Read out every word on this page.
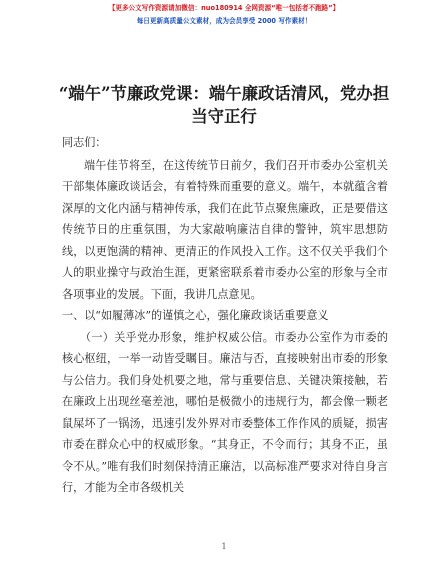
【更多公文写作资源请加微信：nuo180914 全网资源“唯一包括者不跑路”】
每日更新高质量公文素材，成为会员享受 2000 写作素材！
“端午”节廉政党课：端午廉政话清风，党办担当守正行

同志们：

端午佳节将至，在这传统节日前夕，我们召开市委办公室机关干部集体廉政谈话会，有着特殊而重要的意义。端午，本就蕴含着深厚的文化内涵与精神传承，我们在此节点聚焦廉政，正是要借这传统节日的庄重氛围，为大家敲响廉洁自律的警钟，筑牢思想防线，以更饱满的精神、更清正的作风投入工作。这不仅关乎我们个人的职业操守与政治生涯，更紧密联系着市委办公室的形象与全市各项事业的发展。下面，我讲几点意见。

一、以“如履薄冰”的谨慎之心，强化廉政谈话重要意义

（一）关乎党办形象，维护权威公信。市委办公室作为市委的核心枢纽，一举一动皆受瞩目。廉洁与否，直接映射出市委的形象与公信力。我们身处机要之地，常与重要信息、关键决策接触，若在廉政上出现丝毫差池，哪怕是极微小的违规行为，都会像一颗老鼠屎坏了一锅汤，迅速引发外界对市委整体工作作风的质疑，损害市委在群众心中的权威形象。“其身正，不令而行；其身不正，虽令不从。”唯有我们时刻保持清正廉洁，以高标准严要求对待自身言行，才能为全市各级机关

1
